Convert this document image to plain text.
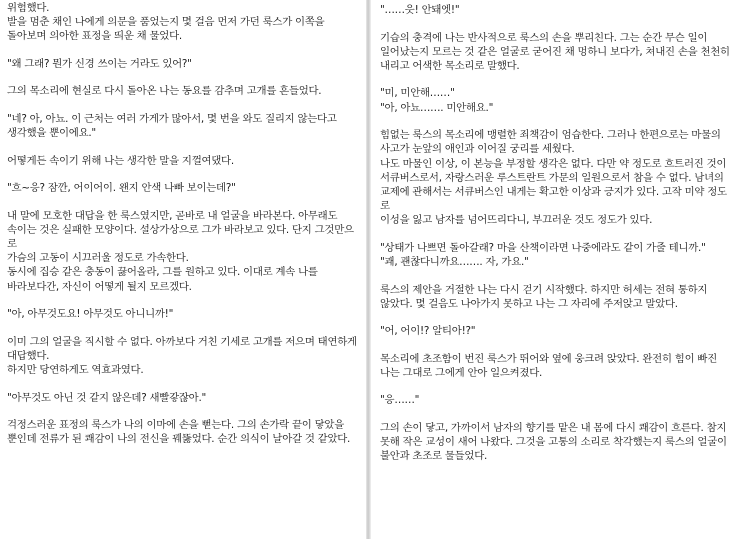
위험했다.
발을 멈춘 채인 나에게 의문을 품었는지 몇 걸음 먼저 가던 룩스가 이쪽을
돌아보며 의아한 표정을 띄운 채 물었다.

"왜 그래? 뭔가 신경 쓰이는 거라도 있어?"

그의 목소리에 현실로 다시 돌아온 나는 동요를 감추며 고개를 흔들었다.

"네? 아, 아뇨. 이 근처는 여러 가게가 많아서, 몇 번을 와도 질리지 않는다고
생각했을 뿐이에요."

어떻게든 속이기 위해 나는 생각한 말을 지껄여댔다.

"흐~응? 잠깐, 어이어이. 왠지 안색 나빠 보이는데?"

내 말에 모호한 대답을 한 룩스였지만, 곧바로 내 얼굴을 바라본다. 아무래도
속이는 것은 실패한 모양이다. 설상가상으로 그가 바라보고 있다. 단지 그것만으로
가슴의 고동이 시끄러울 정도로 가속한다.
동시에 집승 같은 충동이 끓어올라, 그를 원하고 있다. 이대로 계속 나를
바라보다간, 자신이 어떻게 될지 모르겠다.

"아, 아무것도요! 아무것도 아니니까!"

이미 그의 얼굴을 직시할 수 없다. 아까보다 거친 기세로 고개를 저으며 태연하게
대답했다.
하지만 당연하게도 역효과였다.

"아무것도 아닌 것 같지 않은데? 새빨갛잖아."

걱정스러운 표정의 룩스가 나의 이마에 손을 뻗는다. 그의 손가락 끝이 닿았을
뿐인데 전류가 된 쾌감이 나의 전신을 꿰뚫었다. 순간 의식이 날아갈 것 같았다.

"……읏! 안돼엣!"

기습의 충격에 나는 반사적으로 룩스의 손을 뿌리친다. 그는 순간 무슨 일이
일어났는지 모르는 것 같은 얼굴로 굳어진 채 멍하니 보다가, 쳐내진 손을 천천히
내리고 어색한 목소리로 말했다.

"미, 미안해……"
"아, 아뇨……. 미안해요."

힘없는 룩스의 목소리에 맹렬한 죄책감이 엄습한다. 그러나 한편으로는 마물의
사고가 눈앞의 애인과 이어질 궁리를 세웠다.
나도 마물인 이상, 이 본능을 부정할 생각은 없다. 다만 약 정도로 흐트러진 것이
서큐버스로서, 자랑스러운 루스트란트 가문의 일원으로서 참을 수 없다. 남녀의
교제에 관해서는 서큐버스인 내게는 확고한 이상과 긍지가 있다. 고작 미약 정도로
이성을 잃고 남자를 넘어뜨리다니, 부끄러운 것도 정도가 있다.

"상태가 나쁘면 돌아갈래? 마을 산책이라면 나중에라도 같이 가줄 테니까."
"괘, 괜찮다니까요……. 자, 가요."

룩스의 제안을 거절한 나는 다시 걷기 시작했다. 하지만 허세는 전혀 통하지
않았다. 몇 걸음도 나아가지 못하고 나는 그 자리에 주저앉고 말았다.

"어, 어이!? 알티아!?"

목소리에 초조함이 번진 룩스가 뛰어와 옆에 웅크려 앉았다. 완전히 힘이 빠진
나는 그대로 그에게 안아 일으켜졌다.

"응……"

그의 손이 닿고, 가까이서 남자의 향기를 맡은 내 몸에 다시 쾌감이 흐른다. 참지
못해 작은 교성이 새어 나왔다. 그것을 고통의 소리로 착각했는지 룩스의 얼굴이
불안과 초조로 물들었다.
